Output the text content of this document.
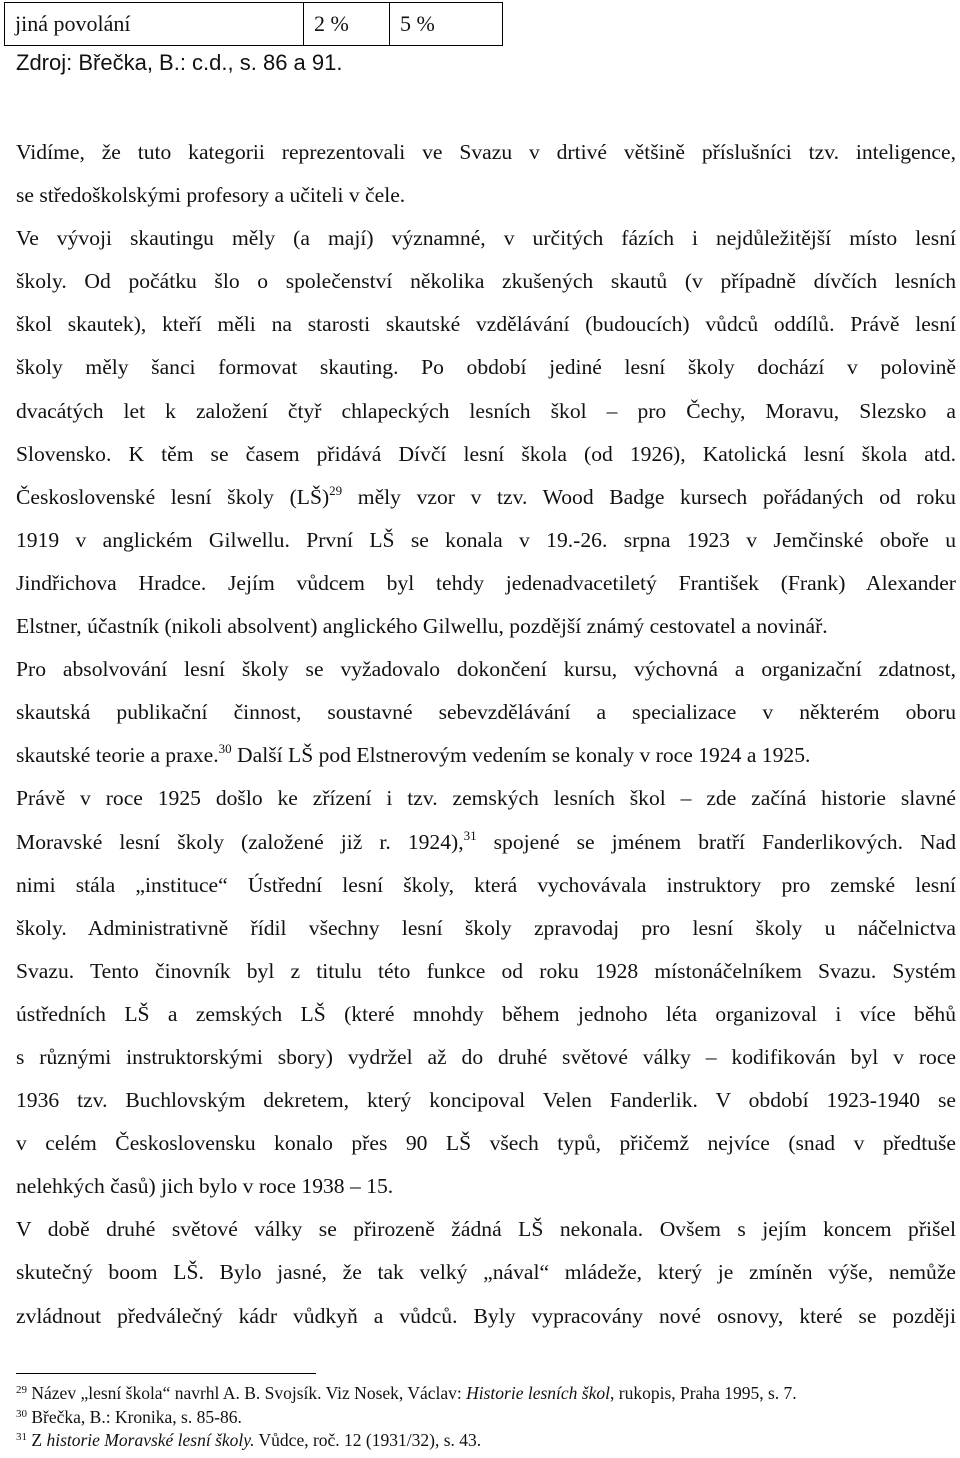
jiná povolání	2 %	5 %
Zdroj: Břečka, B.: c.d., s. 86 a 91.

Vidíme, že tuto kategorii reprezentovali ve Svazu v drtivé většině příslušníci tzv. inteligence,
se středoškolskými profesory a učiteli v čele.

Ve vývoji skautingu měly (a mají) významné, v určitých fázích i nejdůležitější místo lesní
školy. Od počátku šlo o společenství několika zkušených skautů (v případně dívčích lesních
škol skautek), kteří měli na starosti skautské vzdělávání (budoucích) vůdců oddílů. Právě lesní
školy měly šanci formovat skauting. Po období jediné lesní školy dochází v polovině
dvacátých let k založení čtyř chlapeckých lesních škol – pro Čechy, Moravu, Slezsko a
Slovensko. K těm se časem přidává Dívčí lesní škola (od 1926), Katolická lesní škola atd.
Československé lesní školy (LŠ)$^{29}$ měly vzor v tzv. Wood Badge kursech pořádaných od roku
1919 v anglickém Gilwellu. První LŠ se konala v 19.-26. srpna 1923 v Jemčinské oboře u
Jindřichova Hradce. Jejím vůdcem byl tehdy jedenadvacetiletý František (Frank) Alexander
Elstner, účastník (nikoli absolvent) anglického Gilwellu, pozdější známý cestovatel a novinář.

Pro absolvování lesní školy se vyžadovalo dokončení kursu, výchovná a organizační zdatnost,
skautská publikační činnost, soustavné sebevzdělávání a specializace v některém oboru
skautské teorie a praxe.$^{30}$ Další LŠ pod Elstnerovým vedením se konaly v roce 1924 a 1925.

Právě v roce 1925 došlo ke zřízení i tzv. zemských lesních škol – zde začíná historie slavné
Moravské lesní školy (založené již r. 1924),$^{31}$ spojené se jménem bratří Fanderlikových. Nad
nimi stála „instituce“ Ústřední lesní školy, která vychovávala instruktory pro zemské lesní
školy. Administrativně řídil všechny lesní školy zpravodaj pro lesní školy u náčelnictva
Svazu. Tento činovník byl z titulu této funkce od roku 1928 místonáčelníkem Svazu. Systém
ústředních LŠ a zemských LŠ (které mnohdy během jednoho léta organizoval i více běhů
s různými instruktorskými sbory) vydržel až do druhé světové války – kodifikován byl v roce
1936 tzv. Buchlovským dekretem, který koncipoval Velen Fanderlik. V období 1923-1940 se
v celém Československu konalo přes 90 LŠ všech typů, přičemž nejvíce (snad v předtuše
nelehkých časů) jich bylo v roce 1938 – 15.

V době druhé světové války se přirozeně žádná LŠ nekonala. Ovšem s jejím koncem přišel
skutečný boom LŠ. Bylo jasné, že tak velký „nával“ mládeže, který je zmíněn výše, nemůže
zvládnout předválečný kádr vůdkyň a vůdců. Byly vypracovány nové osnovy, které se později

$^{29}$ Název „lesní škola“ navrhl A. B. Svojsík. Viz Nosek, Václav: Historie lesních škol, rukopis, Praha 1995, s. 7.
$^{30}$ Břečka, B.: Kronika, s. 85-86.
$^{31}$ Z historie Moravské lesní školy. Vůdce, roč. 12 (1931/32), s. 43.
